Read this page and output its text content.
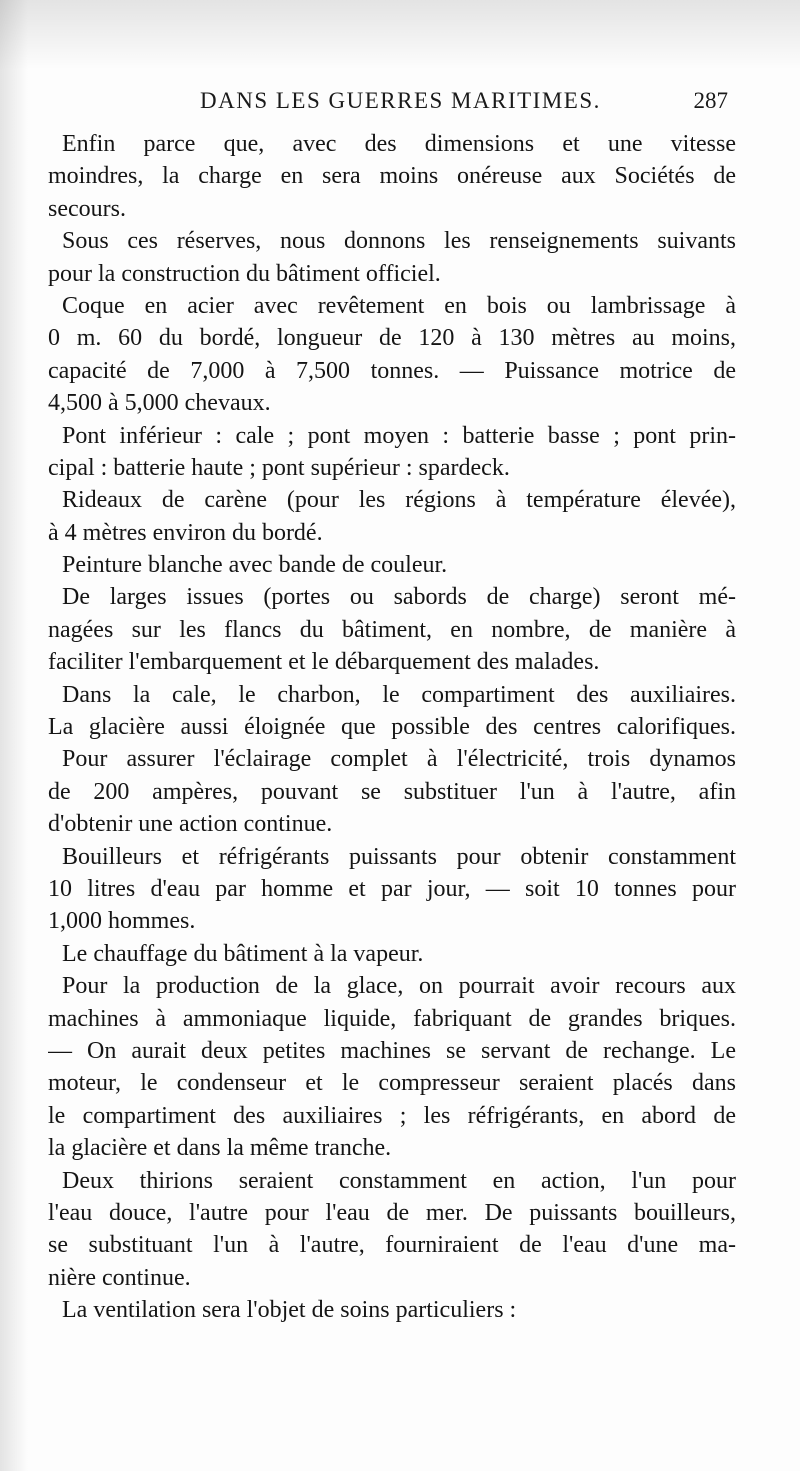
DANS LES GUERRES MARITIMES.	287
Enfin parce que, avec des dimensions et une vitesse
moindres, la charge en sera moins onéreuse aux Sociétés de
secours.
Sous ces réserves, nous donnons les renseignements suivants
pour la construction du bâtiment officiel.
Coque en acier avec revêtement en bois ou lambrissage à
0 m. 60 du bordé, longueur de 120 à 130 mètres au moins,
capacité de 7,000 à 7,500 tonnes. — Puissance motrice de
4,500 à 5,000 chevaux.
Pont inférieur : cale ; pont moyen : batterie basse ; pont prin-
cipal : batterie haute ; pont supérieur : spardeck.
Rideaux de carène (pour les régions à température élevée),
à 4 mètres environ du bordé.
Peinture blanche avec bande de couleur.
De larges issues (portes ou sabords de charge) seront mé-
nagées sur les flancs du bâtiment, en nombre, de manière à
faciliter l'embarquement et le débarquement des malades.
Dans la cale, le charbon, le compartiment des auxiliaires.
La glacière aussi éloignée que possible des centres calorifiques.
Pour assurer l'éclairage complet à l'électricité, trois dynamos
de 200 ampères, pouvant se substituer l'un à l'autre, afin
d'obtenir une action continue.
Bouilleurs et réfrigérants puissants pour obtenir constamment
10 litres d'eau par homme et par jour, — soit 10 tonnes pour
1,000 hommes.
Le chauffage du bâtiment à la vapeur.
Pour la production de la glace, on pourrait avoir recours aux
machines à ammoniaque liquide, fabriquant de grandes briques.
— On aurait deux petites machines se servant de rechange. Le
moteur, le condenseur et le compresseur seraient placés dans
le compartiment des auxiliaires ; les réfrigérants, en abord de
la glacière et dans la même tranche.
Deux thirions seraient constamment en action, l'un pour
l'eau douce, l'autre pour l'eau de mer. De puissants bouilleurs,
se substituant l'un à l'autre, fourniraient de l'eau d'une ma-
nière continue.
La ventilation sera l'objet de soins particuliers :
